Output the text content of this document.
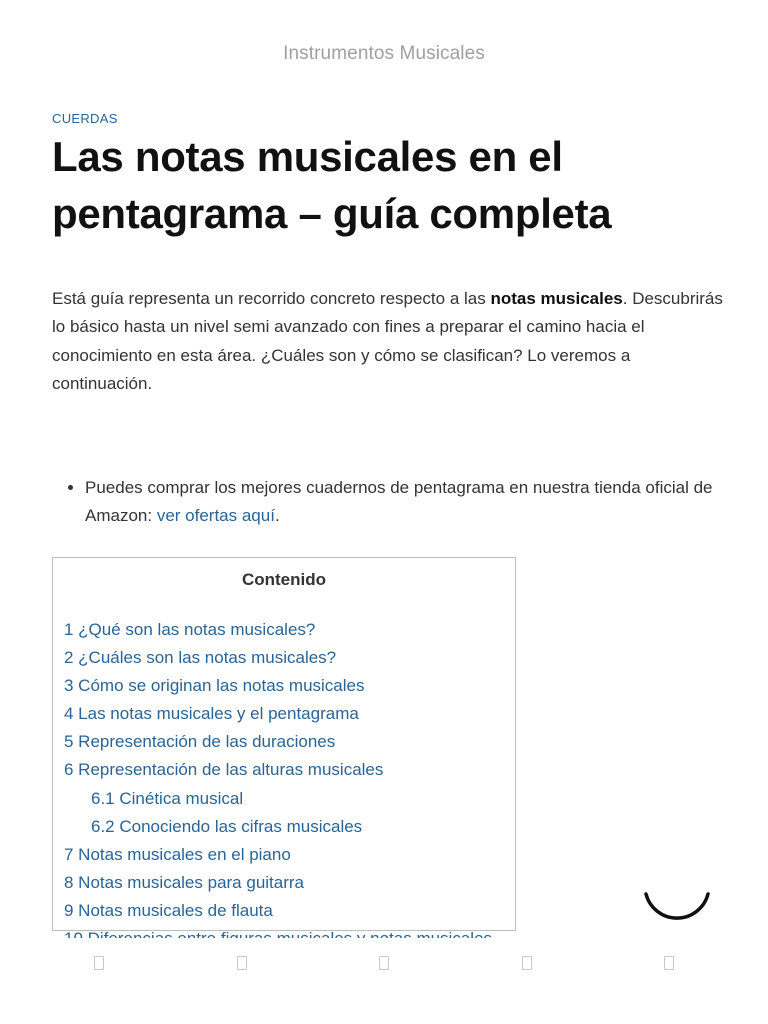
Instrumentos Musicales
CUERDAS
Las notas musicales en el pentagrama – guía completa

Está guía representa un recorrido concreto respecto a las notas musicales. Descubrirás lo básico hasta un nivel semi avanzado con fines a preparar el camino hacia el conocimiento en esta área. ¿Cuáles son y cómo se clasifican? Lo veremos a continuación.

• Puedes comprar los mejores cuadernos de pentagrama en nuestra tienda oficial de Amazon: ver ofertas aquí.
Contenido
1 ¿Qué son las notas musicales?
2 ¿Cuáles son las notas musicales?
3 Cómo se originan las notas musicales
4 Las notas musicales y el pentagrama
5 Representación de las duraciones
6 Representación de las alturas musicales
6.1 Cinética musical
6.2 Conociendo las cifras musicales
7 Notas musicales en el piano
8 Notas musicales para guitarra
9 Notas musicales de flauta
